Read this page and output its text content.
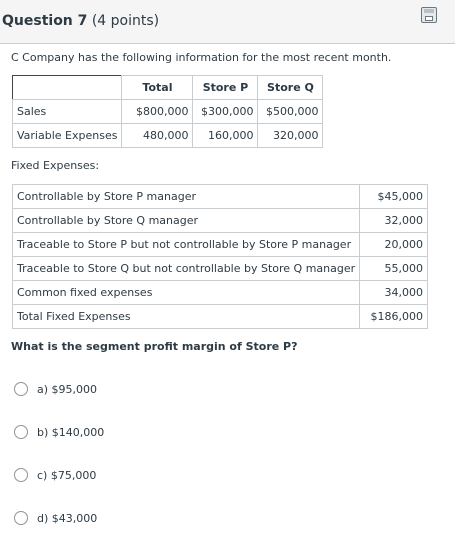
Question 7 (4 points)
C Company has the following information for the most recent month.
	Total	Store P	Store Q
Sales	$800,000	$300,000	$500,000
Variable Expenses	480,000	160,000	320,000
Fixed Expenses:
Controllable by Store P manager	$45,000
Controllable by Store Q manager	32,000
Traceable to Store P but not controllable by Store P manager	20,000
Traceable to Store Q but not controllable by Store Q manager	55,000
Common fixed expenses	34,000
Total Fixed Expenses	$186,000
What is the segment profit margin of Store P?
a) $95,000
b) $140,000
c) $75,000
d) $43,000
